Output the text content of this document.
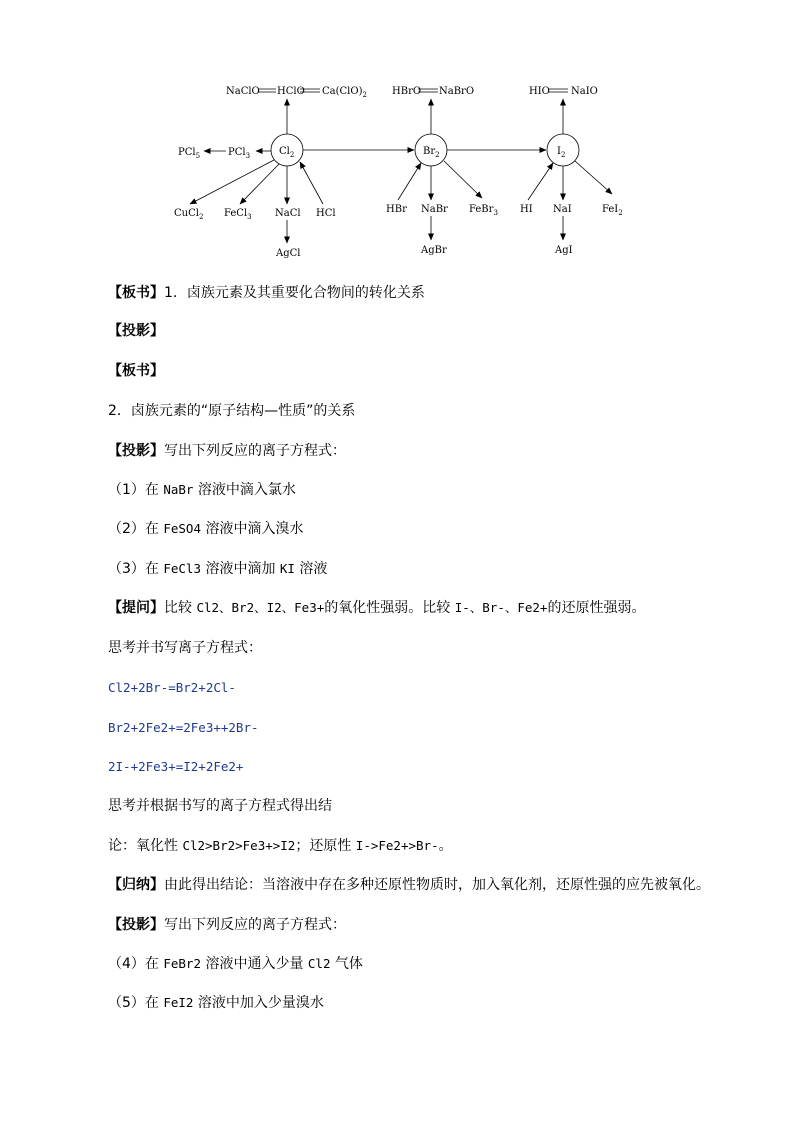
NaClO HClO $Ca(ClO)_2$	HBrO NaBrO	HIO NaIO
$Cl_2$	$Br_2$	$I_2$
PCl$_5$	PCl$_3$
CuCl$_2$ FeCl$_3$ NaCl HCl
AgCl
HBr NaBr FeBr$_3$
AgBr
HI NaI	FeI$_2$
AgI
【板书】1．卤族元素及其重要化合物间的转化关系
【投影】
【板书】
2．卤族元素的“原子结构—性质”的关系
【投影】写出下列反应的离子方程式：
（1）在 NaBr 溶液中滴入氯水
（2）在 FeSO4 溶液中滴入溴水
（3）在 FeCl3 溶液中滴加 KI 溶液
【提问】比较 Cl2、Br2、I2、Fe3+的氧化性强弱。比较 I-、Br-、Fe2+的还原性强弱。
思考并书写离子方程式：
Cl2+2Br-=Br2+2Cl-
Br2+2Fe2+=2Fe3++2Br-
2I-+2Fe3+=I2+2Fe2+
思考并根据书写的离子方程式得出结
论：氧化性 Cl2>Br2>Fe3+>I2；还原性 I->Fe2+>Br-。
【归纳】由此得出结论：当溶液中存在多种还原性物质时，加入氧化剂，还原性强的应先被氧化。
【投影】写出下列反应的离子方程式：
（4）在 FeBr2 溶液中通入少量 Cl2 气体
（5）在 FeI2 溶液中加入少量溴水
